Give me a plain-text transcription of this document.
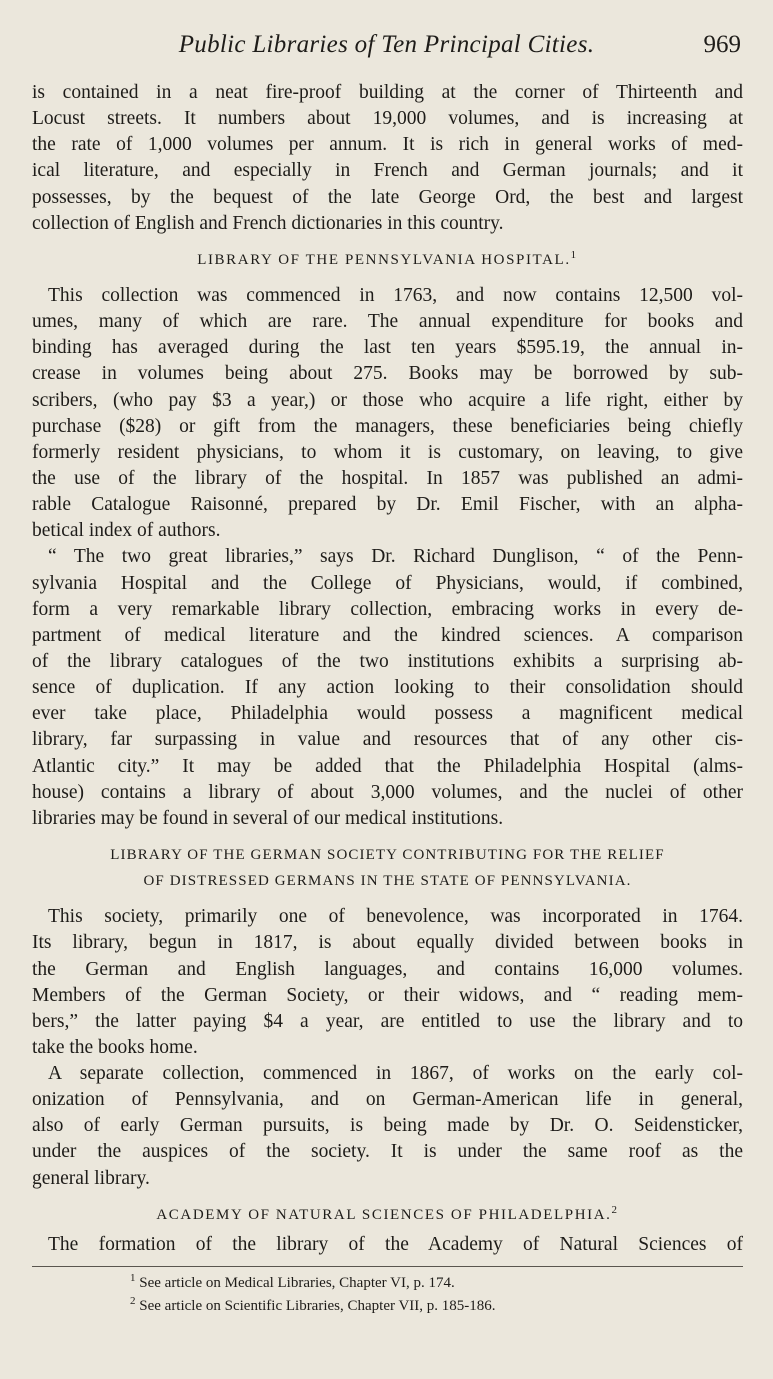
Public Libraries of Ten Principal Cities.	969
is contained in a neat fire-proof building at the corner of Thirteenth and
Locust streets. It numbers about 19,000 volumes, and is increasing at
the rate of 1,000 volumes per annum. It is rich in general works of med-
ical literature, and especially in French and German journals; and it
possesses, by the bequest of the late George Ord, the best and largest
collection of English and French dictionaries in this country.
LIBRARY OF THE PENNSYLVANIA HOSPITAL.$^1$
This collection was commenced in 1763, and now contains 12,500 vol-
umes, many of which are rare. The annual expenditure for books and
binding has averaged during the last ten years $595.19, the annual in-
crease in volumes being about 275. Books may be borrowed by sub-
scribers, (who pay $3 a year,) or those who acquire a life right, either by
purchase ($28) or gift from the managers, these beneficiaries being chiefly
formerly resident physicians, to whom it is customary, on leaving, to give
the use of the library of the hospital. In 1857 was published an admi-
rable Catalogue Raisonné, prepared by Dr. Emil Fischer, with an alpha-
betical index of authors.
“ The two great libraries,” says Dr. Richard Dunglison, “ of the Penn-
sylvania Hospital and the College of Physicians, would, if combined,
form a very remarkable library collection, embracing works in every de-
partment of medical literature and the kindred sciences. A comparison
of the library catalogues of the two institutions exhibits a surprising ab-
sence of duplication. If any action looking to their consolidation should
ever take place, Philadelphia would possess a magnificent medical
library, far surpassing in value and resources that of any other cis-
Atlantic city.” It may be added that the Philadelphia Hospital (alms-
house) contains a library of about 3,000 volumes, and the nuclei of other
libraries may be found in several of our medical institutions.
LIBRARY OF THE GERMAN SOCIETY CONTRIBUTING FOR THE RELIEF
OF DISTRESSED GERMANS IN THE STATE OF PENNSYLVANIA.
This society, primarily one of benevolence, was incorporated in 1764.
Its library, begun in 1817, is about equally divided between books in
the German and English languages, and contains 16,000 volumes.
Members of the German Society, or their widows, and “ reading mem-
bers,” the latter paying $4 a year, are entitled to use the library and to
take the books home.
A separate collection, commenced in 1867, of works on the early col-
onization of Pennsylvania, and on German-American life in general,
also of early German pursuits, is being made by Dr. O. Seidensticker,
under the auspices of the society. It is under the same roof as the
general library.
ACADEMY OF NATURAL SCIENCES OF PHILADELPHIA.$^2$
The formation of the library of the Academy of Natural Sciences of
$^1$ See article on Medical Libraries, Chapter VI, p. 174.
$^2$ See article on Scientific Libraries, Chapter VII, p. 185-186.
